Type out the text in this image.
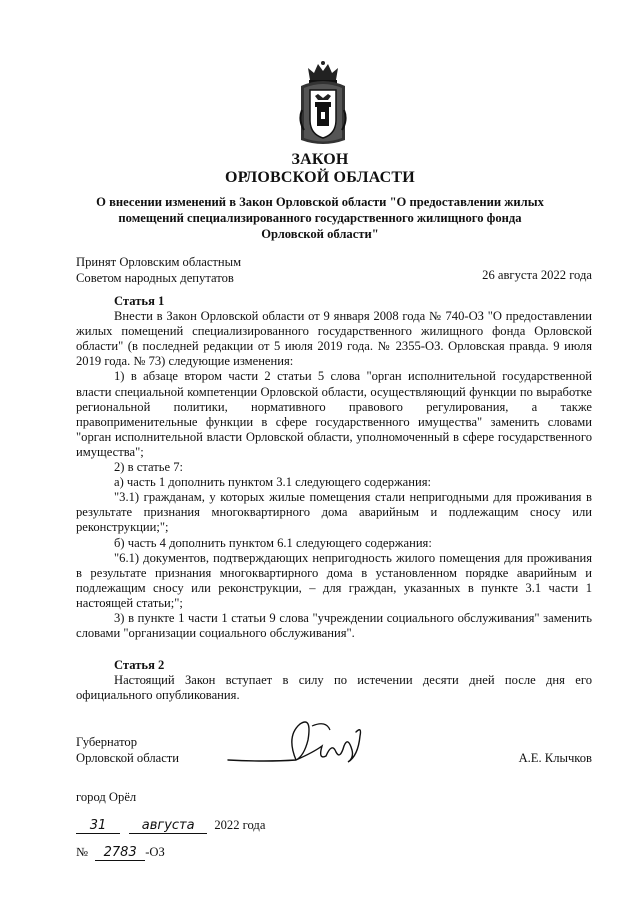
ЗАКОН
ОРЛОВСКОЙ ОБЛАСТИ
О внесении изменений в Закон Орловской области "О предоставлении жилых помещений специализированного государственного жилищного фонда Орловской области"
Принят Орловским областным
Советом народных депутатов	26 августа 2022 года

Статья 1

Внести в Закон Орловской области от 9 января 2008 года № 740-ОЗ "О предоставлении жилых помещений специализированного государственного жилищного фонда Орловской области" (в последней редакции от 5 июля 2019 года. № 2355-ОЗ. Орловская правда. 9 июля 2019 года. № 73) следующие изменения:

1) в абзаце втором части 2 статьи 5 слова "орган исполнительной государственной власти специальной компетенции Орловской области, осуществляющий функции по выработке региональной политики, нормативного правового регулирования, а также правоприменительные функции в сфере государственного имущества" заменить словами "орган исполнительной власти Орловской области, уполномоченный в сфере государственного имущества";

2) в статье 7:

а) часть 1 дополнить пунктом 3.1 следующего содержания:

"3.1) гражданам, у которых жилые помещения стали непригодными для проживания в результате признания многоквартирного дома аварийным и подлежащим сносу или реконструкции;";

б) часть 4 дополнить пунктом 6.1 следующего содержания:

"6.1) документов, подтверждающих непригодность жилого помещения для проживания в результате признания многоквартирного дома в установленном порядке аварийным и подлежащим сносу или реконструкции, – для граждан, указанных в пункте 3.1 части 1 настоящей статьи;";

3) в пункте 1 части 1 статьи 9 слова "учреждении социального обслуживания" заменить словами "организации социального обслуживания".

Статья 2

Настоящий Закон вступает в силу по истечении десяти дней после дня его официального опубликования.

Губернатор
Орловской области	А.Е. Клычков
город Орёл
31	августа 2022 года
№ 2783 -ОЗ
